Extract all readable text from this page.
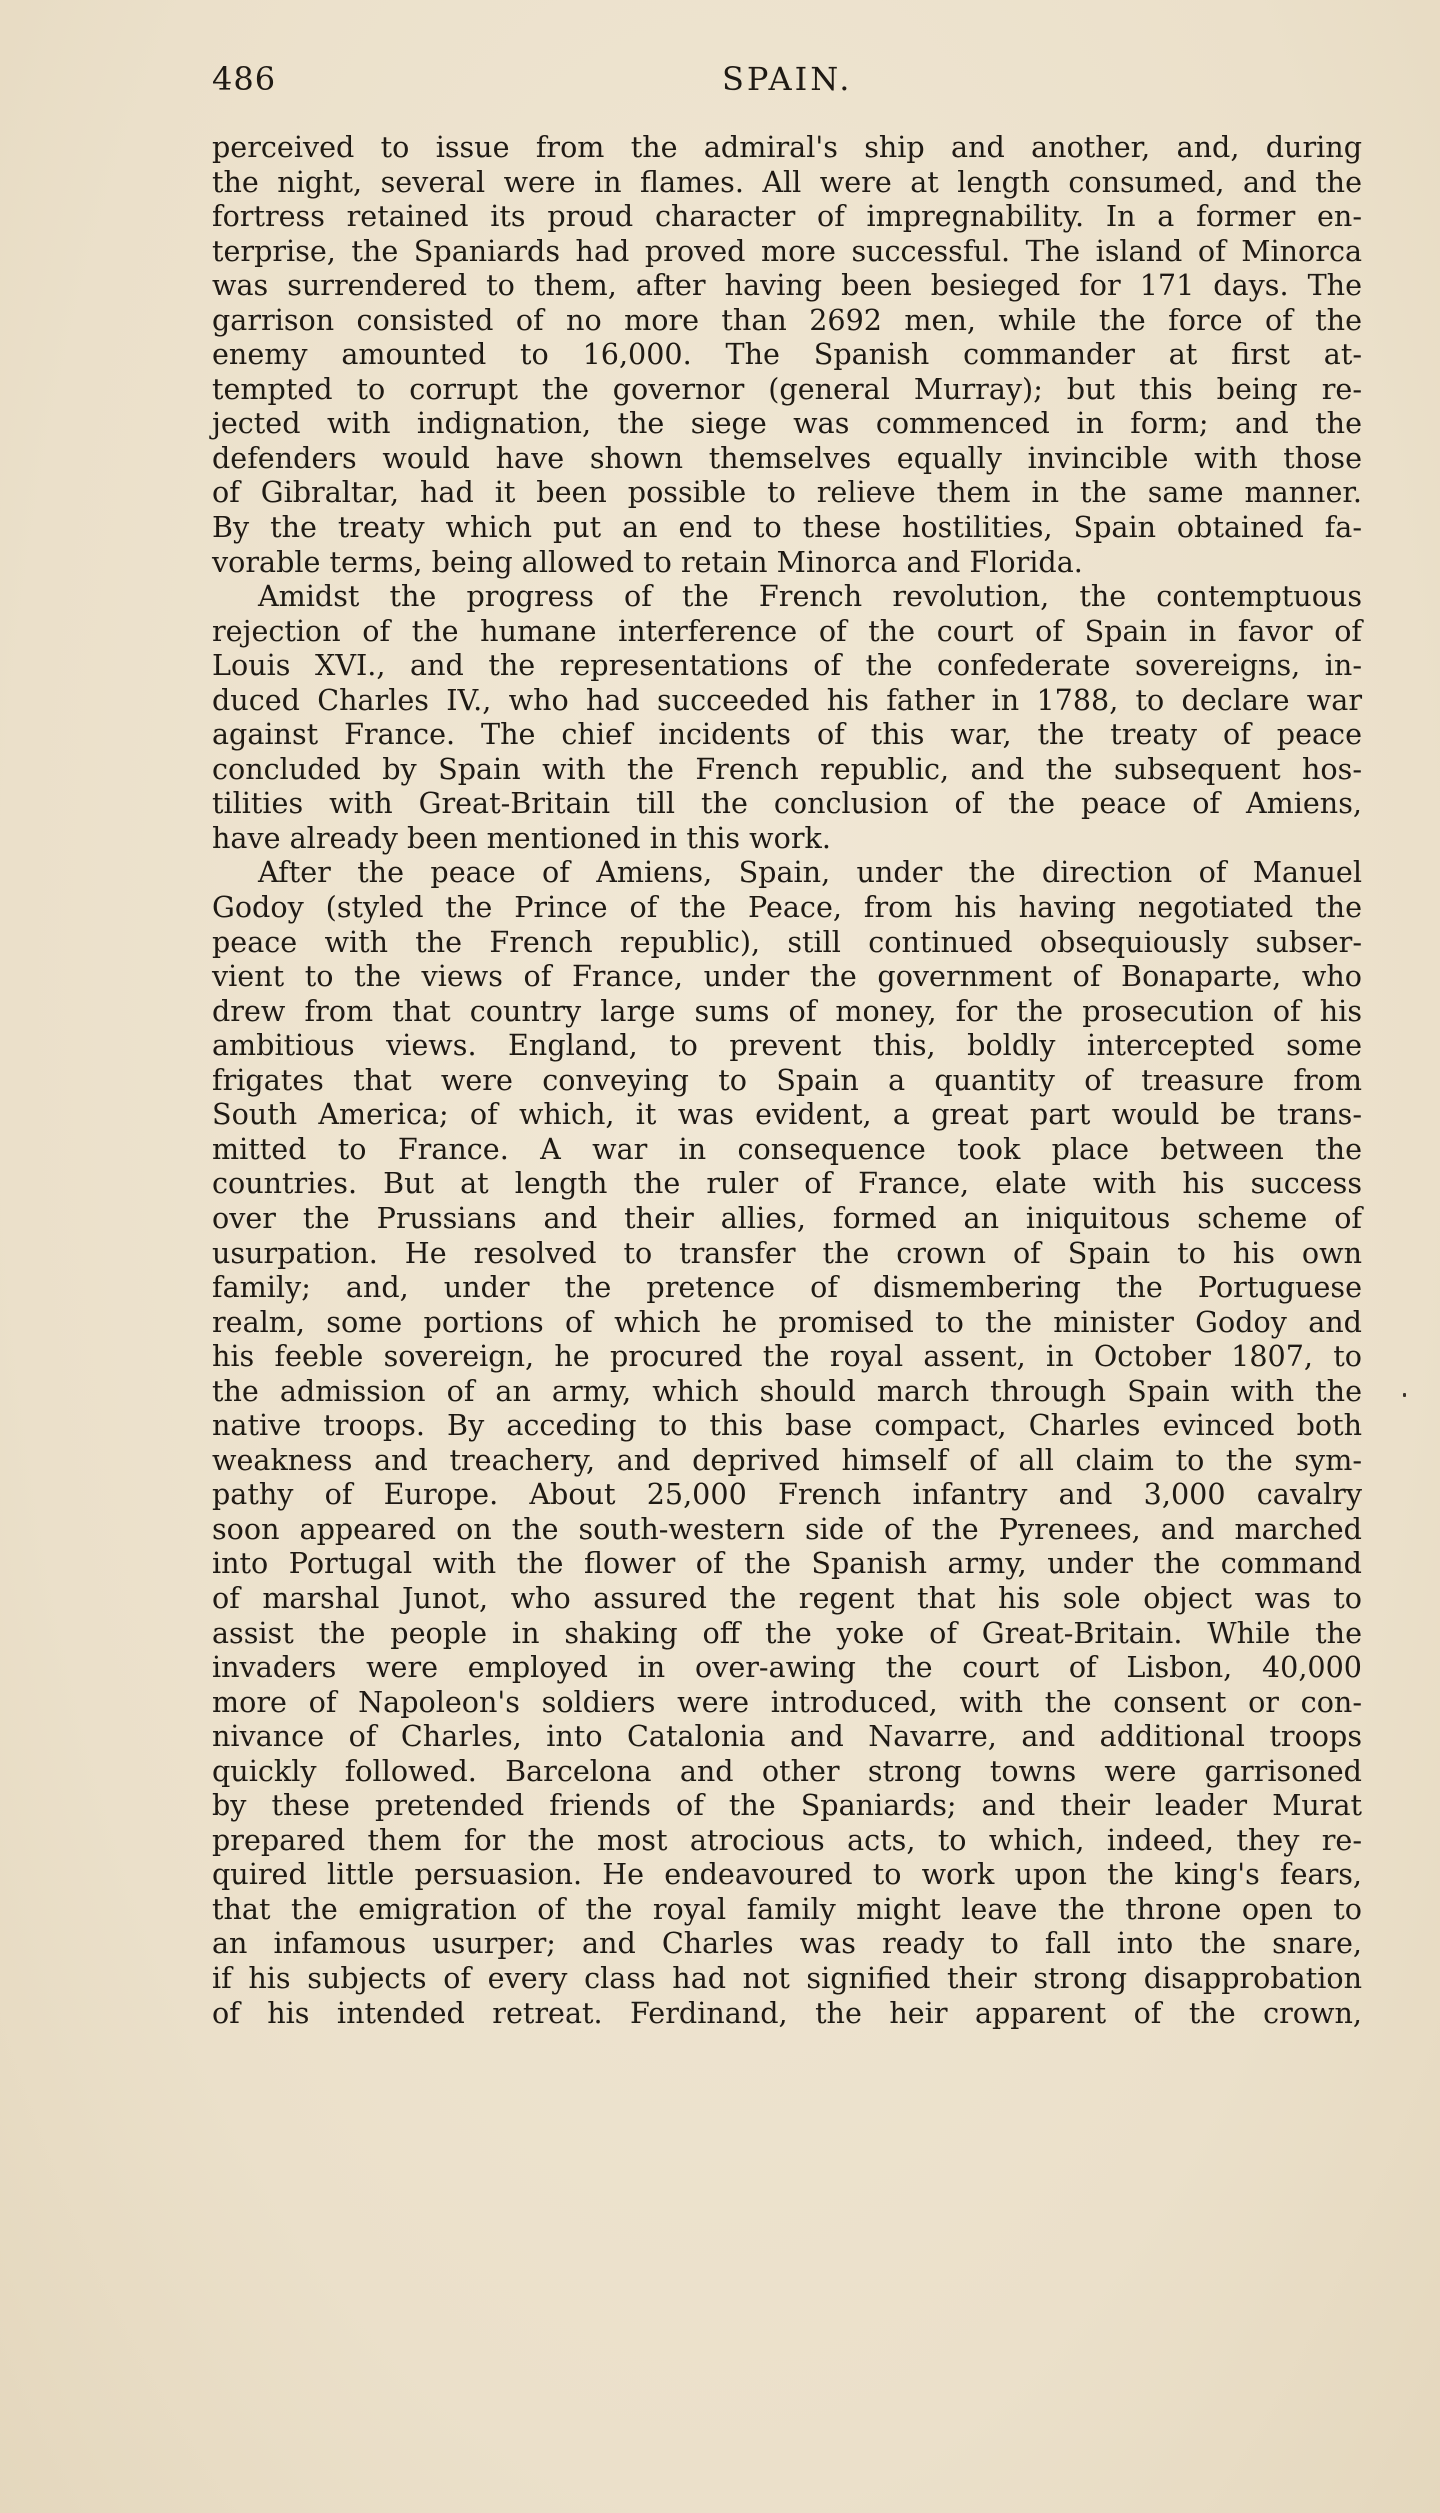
486	SPAIN.
perceived to issue from the admiral's ship and another, and, during
the night, several were in flames. All were at length consumed, and the
fortress retained its proud character of impregnability. In a former en-
terprise, the Spaniards had proved more successful. The island of Minorca
was surrendered to them, after having been besieged for 171 days. The
garrison consisted of no more than 2692 men, while the force of the
enemy amounted to 16,000. The Spanish commander at first at-
tempted to corrupt the governor (general Murray); but this being re-
jected with indignation, the siege was commenced in form; and the
defenders would have shown themselves equally invincible with those
of Gibraltar, had it been possible to relieve them in the same manner.
By the treaty which put an end to these hostilities, Spain obtained fa-
vorable terms, being allowed to retain Minorca and Florida.
Amidst the progress of the French revolution, the contemptuous
rejection of the humane interference of the court of Spain in favor of
Louis XVI., and the representations of the confederate sovereigns, in-
duced Charles IV., who had succeeded his father in 1788, to declare war
against France. The chief incidents of this war, the treaty of peace
concluded by Spain with the French republic, and the subsequent hos-
tilities with Great-Britain till the conclusion of the peace of Amiens,
have already been mentioned in this work.
After the peace of Amiens, Spain, under the direction of Manuel
Godoy (styled the Prince of the Peace, from his having negotiated the
peace with the French republic), still continued obsequiously subser-
vient to the views of France, under the government of Bonaparte, who
drew from that country large sums of money, for the prosecution of his
ambitious views. England, to prevent this, boldly intercepted some
frigates that were conveying to Spain a quantity of treasure from
South America; of which, it was evident, a great part would be trans-
mitted to France. A war in consequence took place between the
countries. But at length the ruler of France, elate with his success
over the Prussians and their allies, formed an iniquitous scheme of
usurpation. He resolved to transfer the crown of Spain to his own
family; and, under the pretence of dismembering the Portuguese
realm, some portions of which he promised to the minister Godoy and
his feeble sovereign, he procured the royal assent, in October 1807, to
the admission of an army, which should march through Spain with the
native troops. By acceding to this base compact, Charles evinced both
weakness and treachery, and deprived himself of all claim to the sym-
pathy of Europe. About 25,000 French infantry and 3,000 cavalry
soon appeared on the south-western side of the Pyrenees, and marched
into Portugal with the flower of the Spanish army, under the command
of marshal Junot, who assured the regent that his sole object was to
assist the people in shaking off the yoke of Great-Britain. While the
invaders were employed in over-awing the court of Lisbon, 40,000
more of Napoleon's soldiers were introduced, with the consent or con-
nivance of Charles, into Catalonia and Navarre, and additional troops
quickly followed. Barcelona and other strong towns were garrisoned
by these pretended friends of the Spaniards; and their leader Murat
prepared them for the most atrocious acts, to which, indeed, they re-
quired little persuasion. He endeavoured to work upon the king's fears,
that the emigration of the royal family might leave the throne open to
an infamous usurper; and Charles was ready to fall into the snare,
if his subjects of every class had not signified their strong disapprobation
of his intended retreat. Ferdinand, the heir apparent of the crown,
